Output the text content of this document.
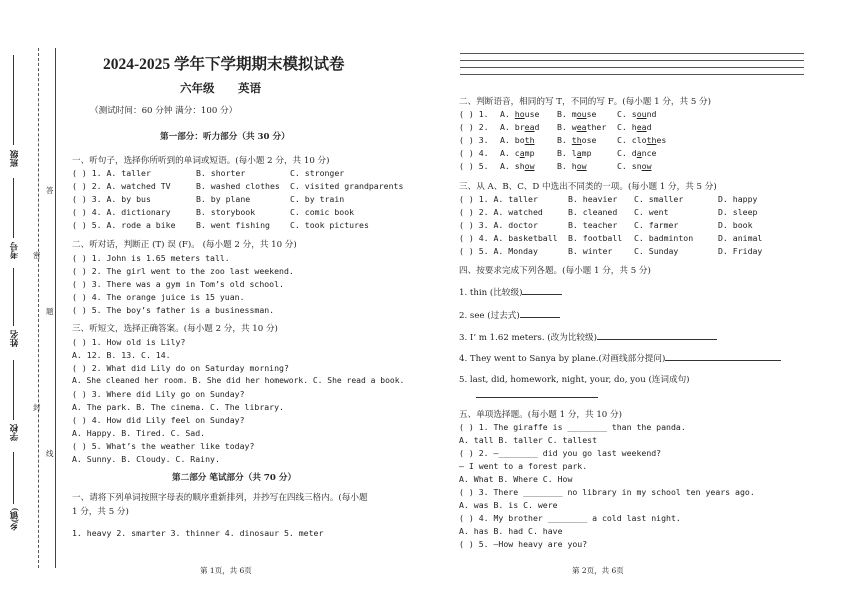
班级
考号
姓名
学校
乡(镇)
答
密
题
封
线
2024-2025 学年下学期期末模拟试卷
六年级 英语
（测试时间：60 分钟 满分：100 分）
第一部分：听力部分（共 30 分）
一、听句子，选择你所听到的单词或短语。(每小题 2 分，共 10 分)
( ) 1. A. taller	B. shorter	C. stronger
( ) 2. A. watched TV	B. washed clothes C. visited grandparents
( ) 3. A. by bus	B. by plane	C. by train
( ) 4. A. dictionary	B. storybook	C. comic book
( ) 5. A. rode a bike B. went fishing C. took pictures
二、听对话，判断正 (T) 误 (F)。 (每小题 2 分，共 10 分)
( ) 1. John is 1.65 meters tall.
( ) 2. The girl went to the zoo last weekend.
( ) 3. There was a gym in Tom’s old school.
( ) 4. The orange juice is 15 yuan.
( ) 5. The boy’s father is a businessman.
三、听短文，选择正确答案。(每小题 2 分，共 10 分)
( ) 1. How old is Lily?
A. 12. B. 13. C. 14.
( ) 2. What did Lily do on Saturday morning?
A. She cleaned her room. B. She did her homework. C. She read a book.
( ) 3. Where did Lily go on Sunday?
A. The park. B. The cinema. C. The library.
( ) 4. How did Lily feel on Sunday?
A. Happy. B. Tired. C. Sad.
( ) 5. What’s the weather like today?
A. Sunny. B. Cloudy. C. Rainy.
第二部分 笔试部分（共 70 分）
一、请将下列单词按照字母表的顺序重新排列，并抄写在四线三格内。(每小题
1 分，共 5 分)
1. heavy 2. smarter 3. thinner 4. dinosaur 5. meter
第 1页，共 6页
二、判断语音，相同的写 T，不同的写 F。(每小题 1 分，共 5 分)
( ) 1. A. house B. mouse	C. sound
( ) 2. A. bread B. weather C. head
( ) 3. A. both	B. those	C. clothes
( ) 4. A. camp	B. lamp	C. dance
( ) 5. A. show	B. how	C. snow
三、从 A、B、C、D 中选出不同类的一项。(每小题 1 分，共 5 分)
( ) 1. A. taller	B. heavier C. smaller	D. happy
( ) 2. A. watched	B. cleaned C. went	D. sleep
( ) 3. A. doctor	B. teacher C. farmer	D. book
( ) 4. A. basketball B. football C. badminton	D. animal
( ) 5. A. Monday	B. winter	C. Sunday	D. Friday
四、按要求完成下列各题。(每小题 1 分，共 5 分)
1. thin (比较级)
2. see (过去式)
3. I’ m 1.62 meters. (改为比较级)
4. They went to Sanya by plane.(对画线部分提问)
5. last, did, homework, night, your, do, you (连词成句)
五、单项选择题。(每小题 1 分，共 10 分)
( ) 1. The giraffe is ________ than the panda.
A. tall B. taller C. tallest
( ) 2. —________ did you go last weekend?
— I went to a forest park.
A. What B. Where C. How
( ) 3. There ________ no library in my school ten years ago.
A. was B. is C. were
( ) 4. My brother ________ a cold last night.
A. has B. had C. have
( ) 5. —How heavy are you?
第 2页，共 6页
